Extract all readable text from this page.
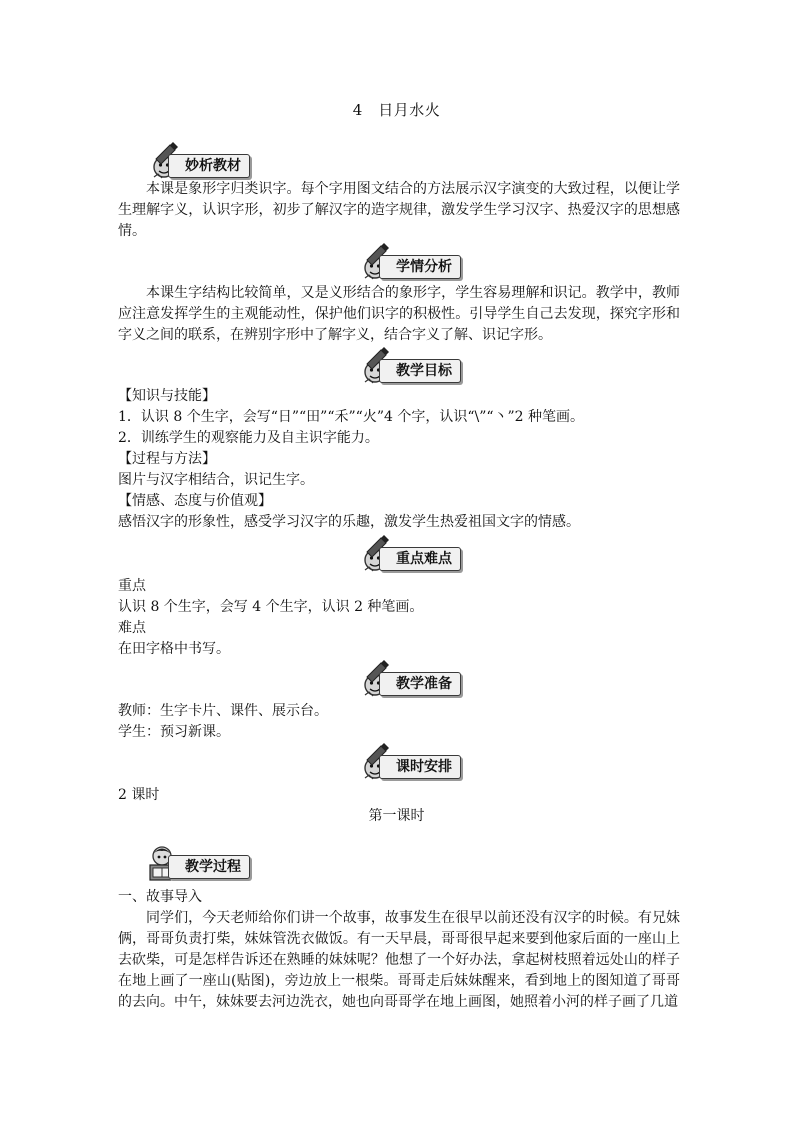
4　日月水火
妙析教材

本课是象形字归类识字。每个字用图文结合的方法展示汉字演变的大致过程，以便让学生理解字义，认识字形，初步了解汉字的造字规律，激发学生学习汉字、热爱汉字的思想感情。

学情分析

本课生字结构比较简单，又是义形结合的象形字，学生容易理解和识记。教学中，教师应注意发挥学生的主观能动性，保护他们识字的积极性。引导学生自己去发现，探究字形和字义之间的联系，在辨别字形中了解字义，结合字义了解、识记字形。

教学目标

【知识与技能】

1．认识 8 个生字，会写“日”“田”“禾”“火”4 个字，认识“\”“丶”2 种笔画。

2．训练学生的观察能力及自主识字能力。

【过程与方法】

图片与汉字相结合，识记生字。

【情感、态度与价值观】

感悟汉字的形象性，感受学习汉字的乐趣，激发学生热爱祖国文字的情感。

重点难点

重点

认识 8 个生字，会写 4 个生字，认识 2 种笔画。

难点

在田字格中书写。

教学准备

教师：生字卡片、课件、展示台。

学生：预习新课。

课时安排

2 课时

第一课时

教学过程

一、故事导入

同学们，今天老师给你们讲一个故事，故事发生在很早以前还没有汉字的时候。有兄妹俩，哥哥负责打柴，妹妹管洗衣做饭。有一天早晨，哥哥很早起来要到他家后面的一座山上去砍柴，可是怎样告诉还在熟睡的妹妹呢？他想了一个好办法，拿起树枝照着远处山的样子在地上画了一座山(贴图)，旁边放上一根柴。哥哥走后妹妹醒来，看到地上的图知道了哥哥的去向。中午，妹妹要去河边洗衣，她也向哥哥学在地上画图，她照着小河的样子画了几道
